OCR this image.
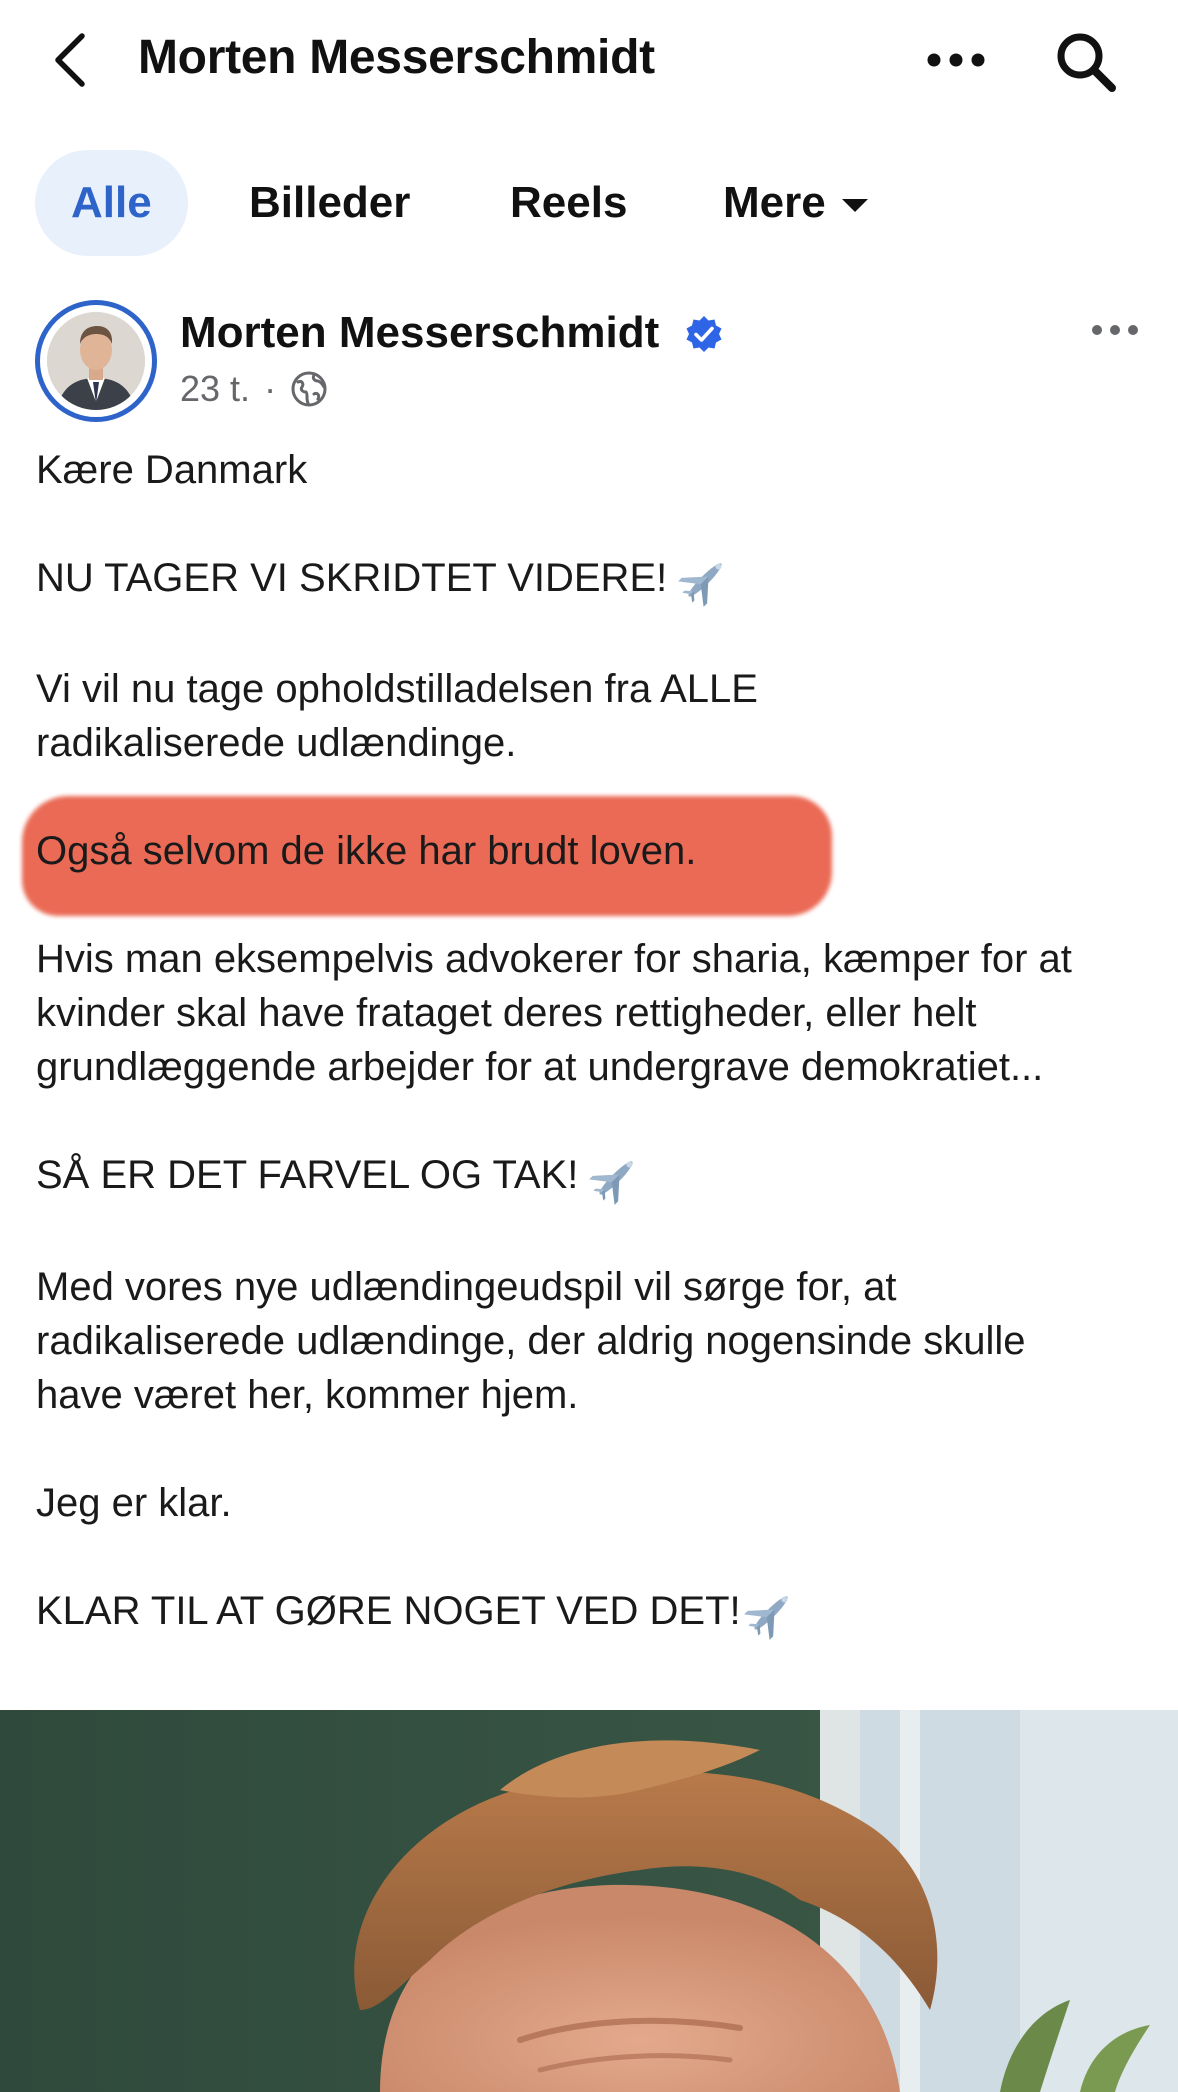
Morten Messerschmidt
Alle	Billeder Reels Mere
Morten Messerschmidt
23 t. ·

Kære Danmark

NU TAGER VI SKRIDTET VIDERE!

Vi vil nu tage opholdstilladelsen fra ALLE radikaliserede udlændinge.

Også selvom de ikke har brudt loven.

Hvis man eksempelvis advokerer for sharia, kæmper for at kvinder skal have frataget deres rettigheder, eller helt grundlæggende arbejder for at undergrave demokratiet...

SÅ ER DET FARVEL OG TAK!

Med vores nye udlændingeudspil vil sørge for, at radikaliserede udlændinge, der aldrig nogensinde skulle have været her, kommer hjem.

Jeg er klar.

KLAR TIL AT GØRE NOGET VED DET!
